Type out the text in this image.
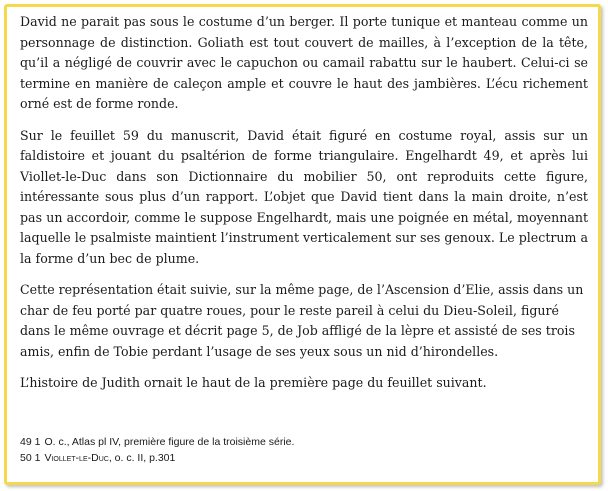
David ne parait pas sous le costume d’un berger. Il porte tunique et manteau comme un personnage de distinction. Goliath est tout couvert de mailles, à l’exception de la tête, qu’il a négligé de couvrir avec le capuchon ou camail rabattu sur le haubert. Celui-ci se termine en manière de caleçon ample et couvre le haut des jambières. L’écu richement orné est de forme ronde.

Sur le feuillet 59 du manuscrit, David était figuré en costume royal, assis sur un faldistoire et jouant du psaltérion de forme triangulaire. Engelhardt 49, et après lui Viollet-le-Duc dans son Dictionnaire du mobilier 50, ont reproduits cette figure, intéressante sous plus d’un rapport. L’objet que David tient dans la main droite, n’est pas un accordoir, comme le suppose Engelhardt, mais une poignée en métal, moyennant laquelle le psalmiste maintient l’instrument verticalement sur ses genoux. Le plectrum a la forme d’un bec de plume.

Cette représentation était suivie, sur la même page, de l’Ascension d’Elie, assis dans un char de feu porté par quatre roues, pour le reste pareil à celui du Dieu-Soleil, figuré dans le même ouvrage et décrit page 5, de Job affligé de la lèpre et assisté de ses trois amis, enfin de Tobie perdant l’usage de ses yeux sous un nid d’hirondelles.

L’histoire de Judith ornait le haut de la première page du feuillet suivant.

49 1 O. c., Atlas pl IV, première figure de la troisième série.
50 1 Viollet-le-Duc, o. c. II, p.301
